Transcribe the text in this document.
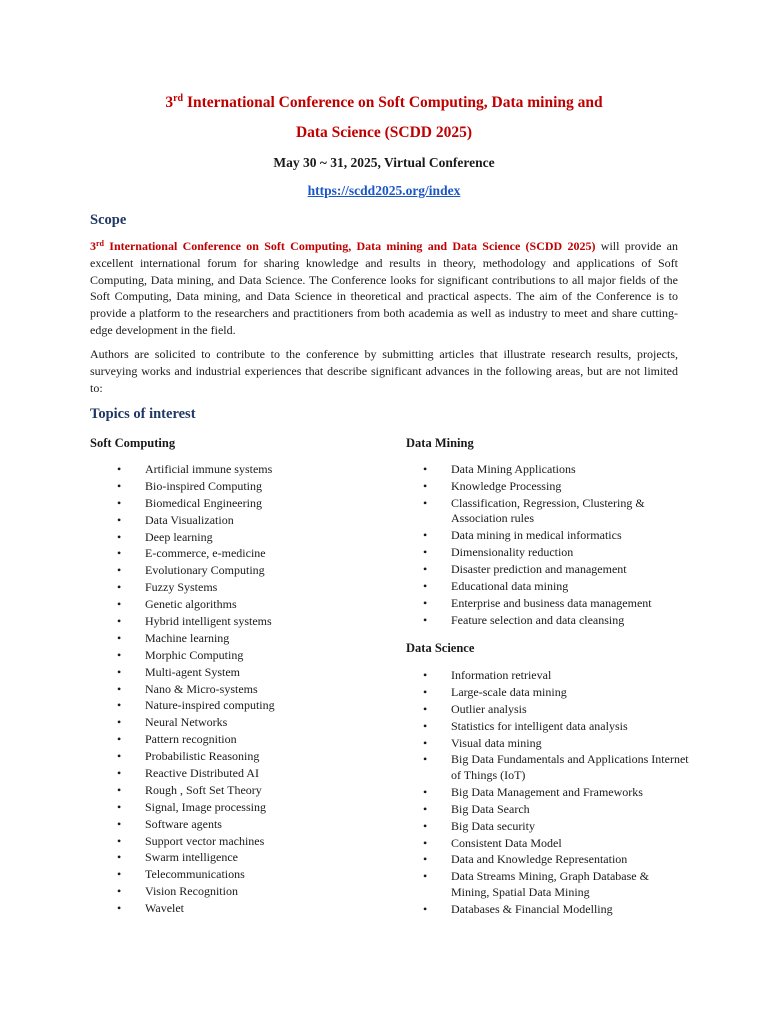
3rd International Conference on Soft Computing, Data mining and
Data Science (SCDD 2025)
May 30 ~ 31, 2025, Virtual Conference
https://scdd2025.org/index
Scope

3rd International Conference on Soft Computing, Data mining and Data Science (SCDD 2025) will provide an excellent international forum for sharing knowledge and results in theory, methodology and applications of Soft Computing, Data mining, and Data Science. The Conference looks for significant contributions to all major fields of the Soft Computing, Data mining, and Data Science in theoretical and practical aspects. The aim of the Conference is to provide a platform to the researchers and practitioners from both academia as well as industry to meet and share cutting-edge development in the field.

Authors are solicited to contribute to the conference by submitting articles that illustrate research results, projects, surveying works and industrial experiences that describe significant advances in the following areas, but are not limited to:

Topics of interest
Soft Computing
• Artificial immune systems
• Bio-inspired Computing
• Biomedical Engineering
• Data Visualization
• Deep learning
• E-commerce, e-medicine
• Evolutionary Computing
• Fuzzy Systems
• Genetic algorithms
• Hybrid intelligent systems
• Machine learning
• Morphic Computing
• Multi-agent System
• Nano & Micro-systems
• Nature-inspired computing
• Neural Networks
• Pattern recognition
• Probabilistic Reasoning
• Reactive Distributed AI
• Rough , Soft Set Theory
• Signal, Image processing
• Software agents
• Support vector machines
• Swarm intelligence
• Telecommunications
• Vision Recognition
• Wavelet
Data Mining
• Data Mining Applications
• Knowledge Processing
• Classification, Regression, Clustering & Association rules
• Data mining in medical informatics
• Dimensionality reduction
• Disaster prediction and management
• Educational data mining
• Enterprise and business data management
• Feature selection and data cleansing
Data Science
• Information retrieval
• Large-scale data mining
• Outlier analysis
• Statistics for intelligent data analysis
• Visual data mining
• Big Data Fundamentals and Applications Internet of Things (IoT)
• Big Data Management and Frameworks
• Big Data Search
• Big Data security
• Consistent Data Model
• Data and Knowledge Representation
• Data Streams Mining, Graph Database & Mining, Spatial Data Mining
• Databases & Financial Modelling
